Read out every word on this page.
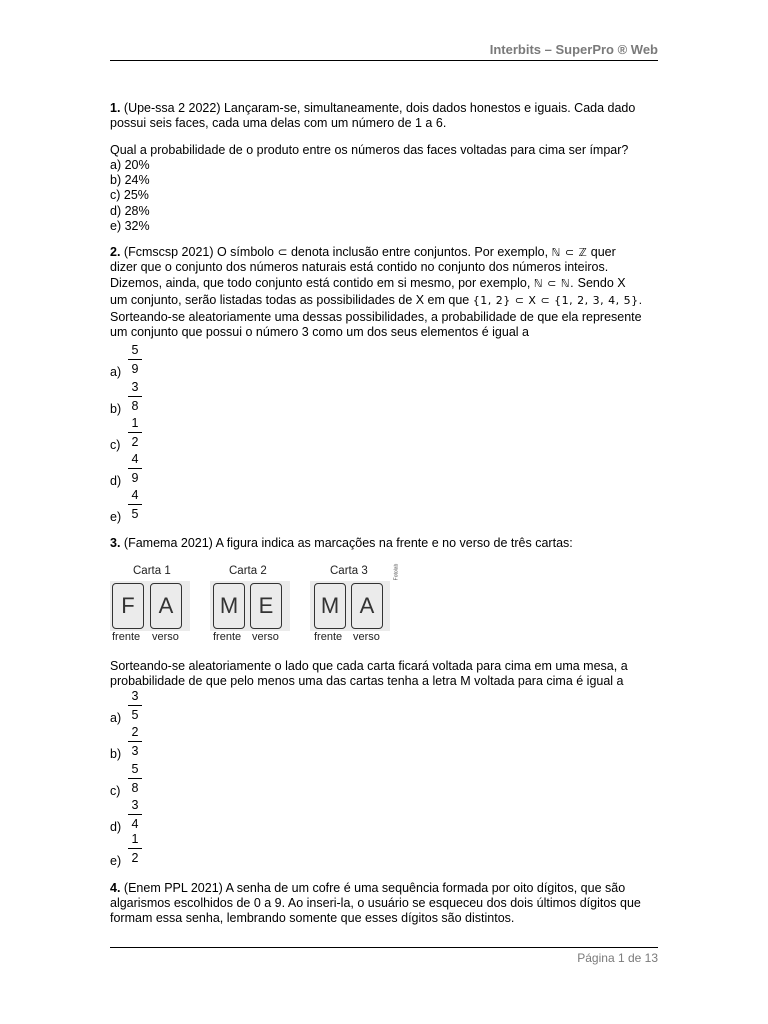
Interbits – SuperPro ® Web

1. (Upe-ssa 2 2022) Lançaram-se, simultaneamente, dois dados honestos e iguais. Cada dado possui seis faces, cada uma delas com um número de 1 a 6.

Qual a probabilidade de o produto entre os números das faces voltadas para cima ser ímpar?

a) 20%
b) 24%
c) 25%
d) 28%
e) 32%
2. (Fcmscsp 2021) O símbolo ⊂ denota inclusão entre conjuntos. Por exemplo, ℕ ⊂ ℤ quer
dizer que o conjunto dos números naturais está contido no conjunto dos números inteiros.
Dizemos, ainda, que todo conjunto está contido em si mesmo, por exemplo, ℕ ⊂ ℕ. Sendo X
um conjunto, serão listadas todas as possibilidades de X em que {1, 2} ⊂ X ⊂ {1, 2, 3, 4, 5}.

Sorteando-se aleatoriamente uma dessas possibilidades, a probabilidade de que ela represente um conjunto que possui o número 3 como um dos seus elementos é igual a

a)
5
9
b)
3
8
c)
1
2
d)
4
9
e)
4
5

3. (Famema 2021) A figura indica as marcações na frente e no verso de três cartas:

Carta 1
F	A
frente verso
Carta 2
M E
frente verso
Carta 3
M A
frente verso
Fotolab

Sorteando-se aleatoriamente o lado que cada carta ficará voltada para cima em uma mesa, a probabilidade de que pelo menos uma das cartas tenha a letra M voltada para cima é igual a

a)
3
5
b)
2
3
c)
5
8
d)
3
4
e)
1
2

4. (Enem PPL 2021) A senha de um cofre é uma sequência formada por oito dígitos, que são algarismos escolhidos de 0 a 9. Ao inseri-la, o usuário se esqueceu dos dois últimos dígitos que formam essa senha, lembrando somente que esses dígitos são distintos.

Página 1 de 13
